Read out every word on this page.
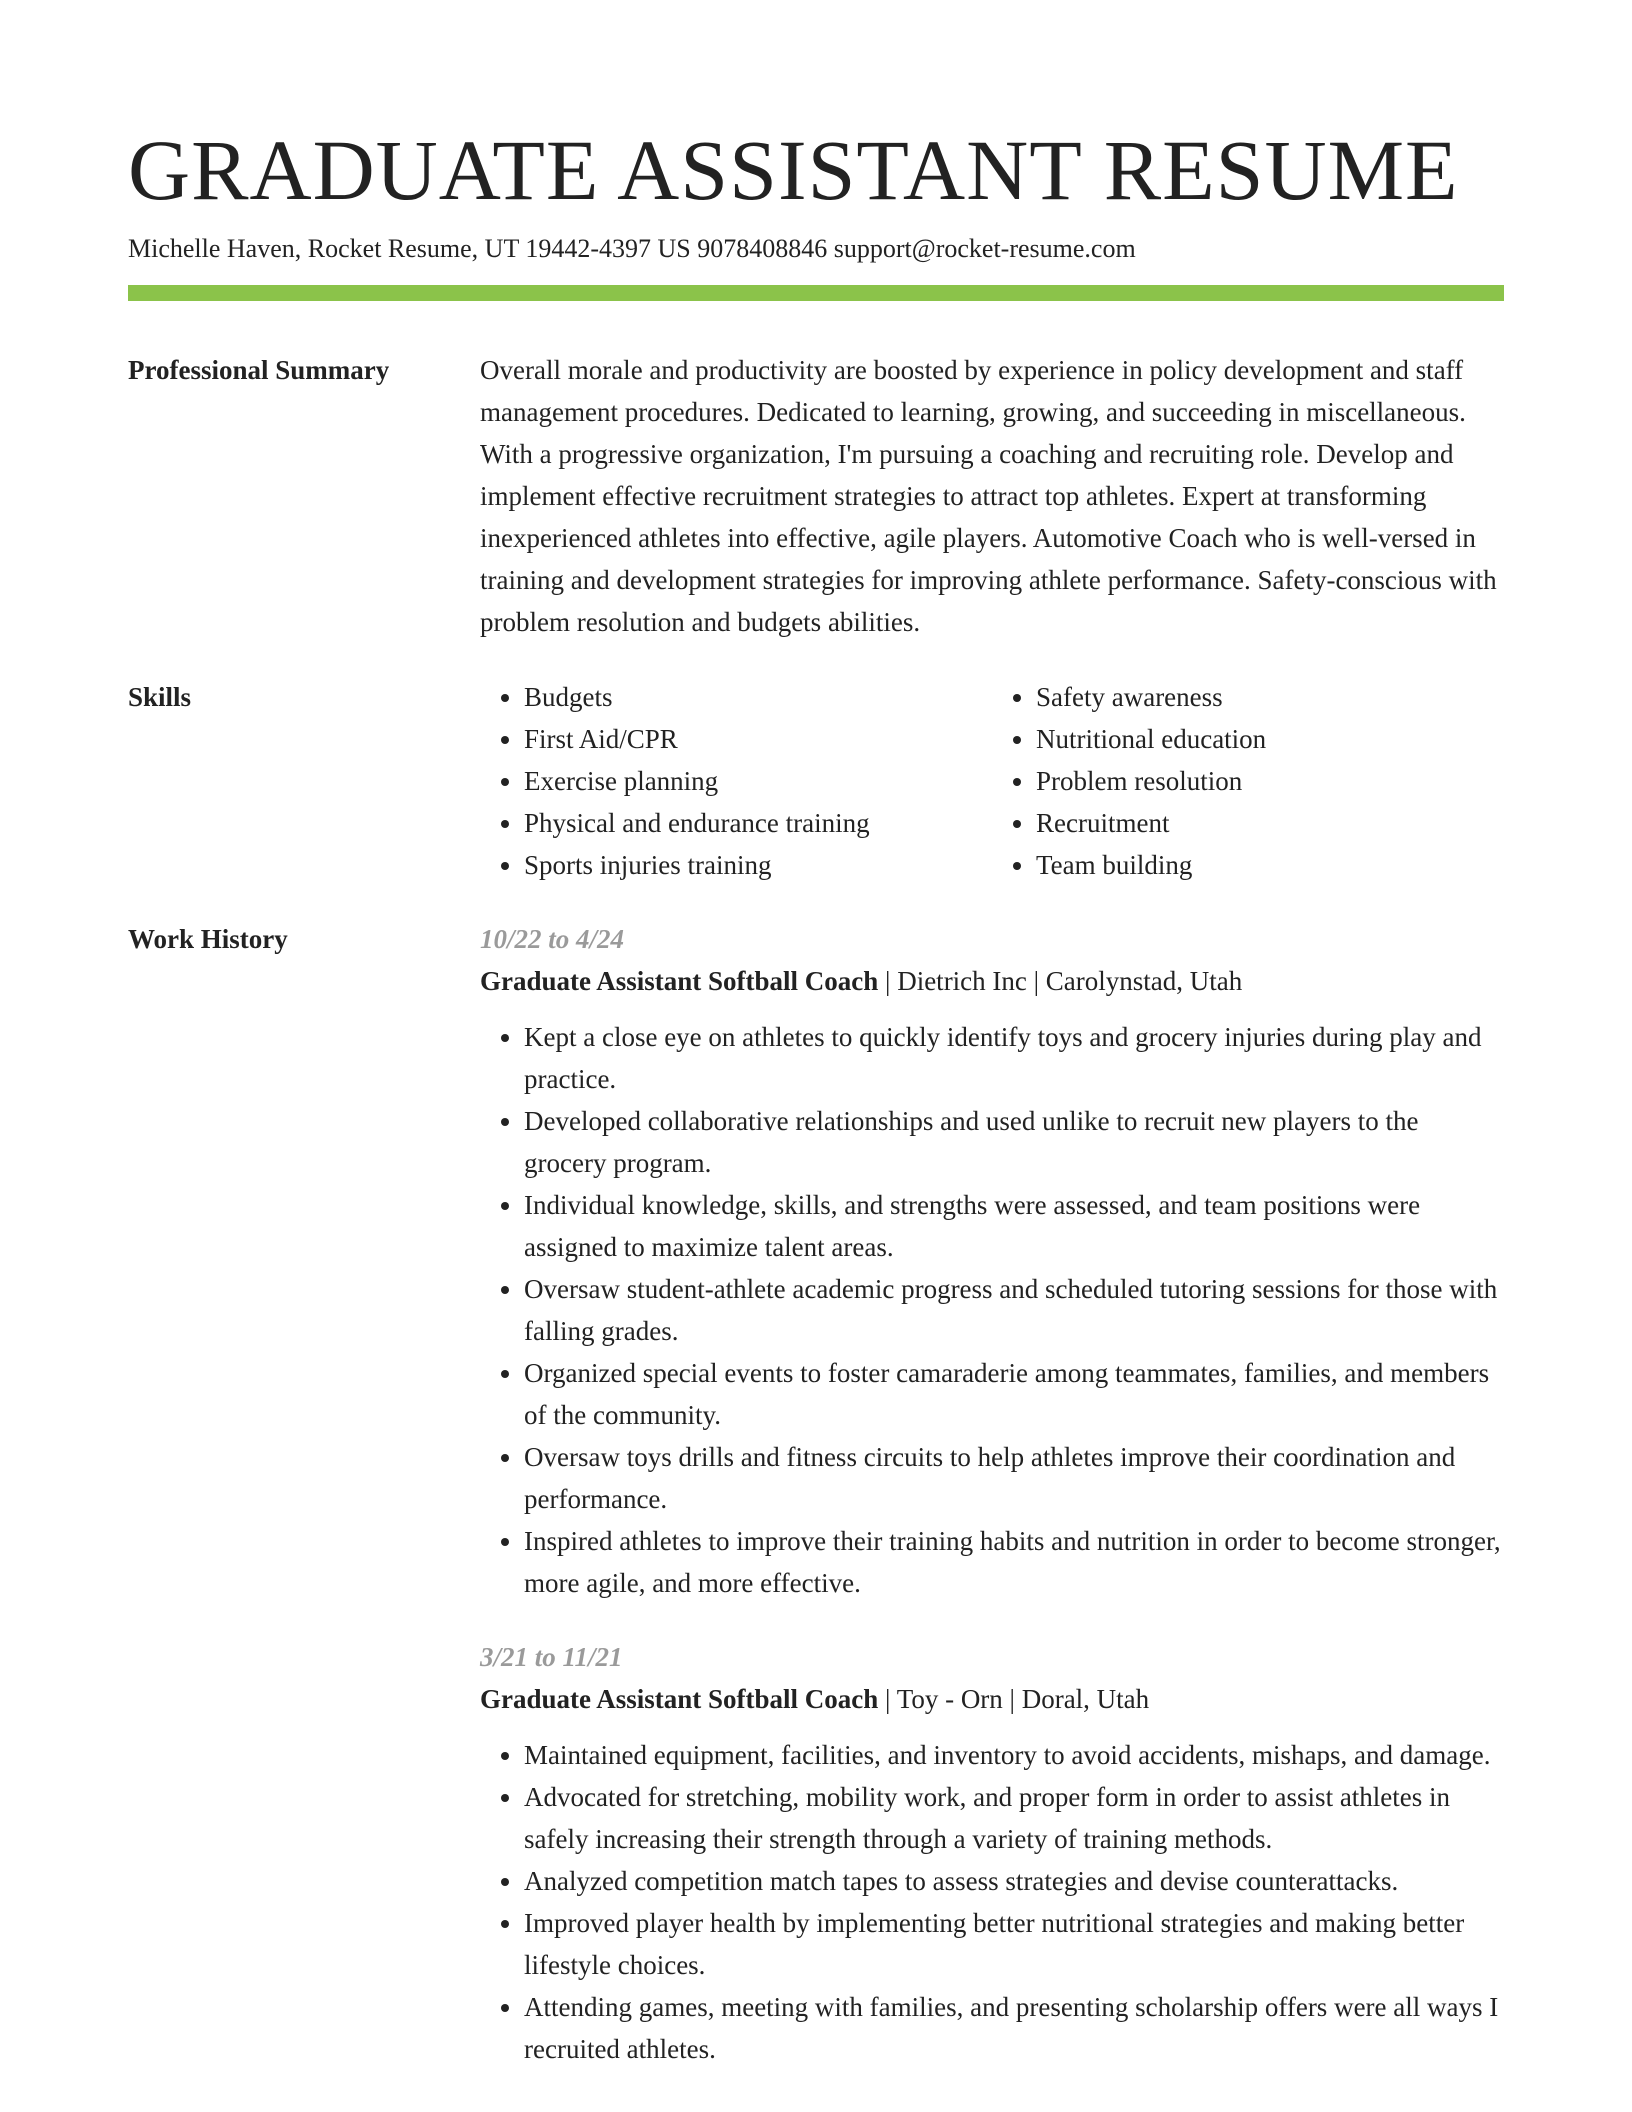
GRADUATE ASSISTANT RESUME
Michelle Haven, Rocket Resume, UT 19442-4397 US 9078408846 support@rocket-resume.com
Professional Summary	Overall morale and productivity are boosted by experience in policy development and staff management procedures. Dedicated to learning, growing, and succeeding in miscellaneous. With a progressive organization, I'm pursuing a coaching and recruiting role. Develop and implement effective recruitment strategies to attract top athletes. Expert at transforming inexperienced athletes into effective, agile players. Automotive Coach who is well-versed in training and development strategies for improving athlete performance. Safety-conscious with problem resolution and budgets abilities.

Skills
•	Budgets
• First Aid/CPR
• Exercise planning
• Physical and endurance training
• Sports injuries training
• Safety awareness
• Nutritional education
• Problem resolution
• Recruitment
• Team building
Work History	10/22 to 4/24
Graduate Assistant Softball Coach | Dietrich Inc | Carolynstad, Utah
• Kept a close eye on athletes to quickly identify toys and grocery injuries during play and practice.
• Developed collaborative relationships and used unlike to recruit new players to the grocery program.
• Individual knowledge, skills, and strengths were assessed, and team positions were assigned to maximize talent areas.
• Oversaw student-athlete academic progress and scheduled tutoring sessions for those with falling grades.
• Organized special events to foster camaraderie among teammates, families, and members of the community.
• Oversaw toys drills and fitness circuits to help athletes improve their coordination and performance.
• Inspired athletes to improve their training habits and nutrition in order to become stronger, more agile, and more effective.
3/21 to 11/21
Graduate Assistant Softball Coach | Toy - Orn | Doral, Utah
• Maintained equipment, facilities, and inventory to avoid accidents, mishaps, and damage.
• Advocated for stretching, mobility work, and proper form in order to assist athletes in safely increasing their strength through a variety of training methods.
• Analyzed competition match tapes to assess strategies and devise counterattacks.
• Improved player health by implementing better nutritional strategies and making better lifestyle choices.
• Attending games, meeting with families, and presenting scholarship offers were all ways I recruited athletes.
